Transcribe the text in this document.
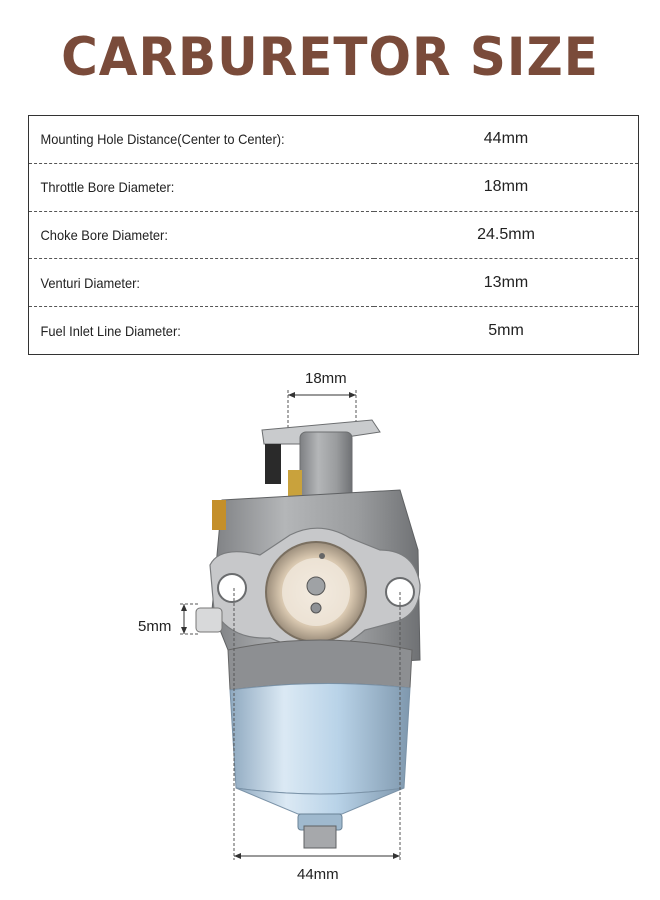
CARBURETOR SIZE
Mounting Hole Distance(Center to Center):	44mm
Throttle Bore Diameter:	18mm
Choke Bore Diameter:	24.5mm
Venturi Diameter:	13mm
Fuel Inlet Line Diameter:	5mm
18mm
5mm
44mm
